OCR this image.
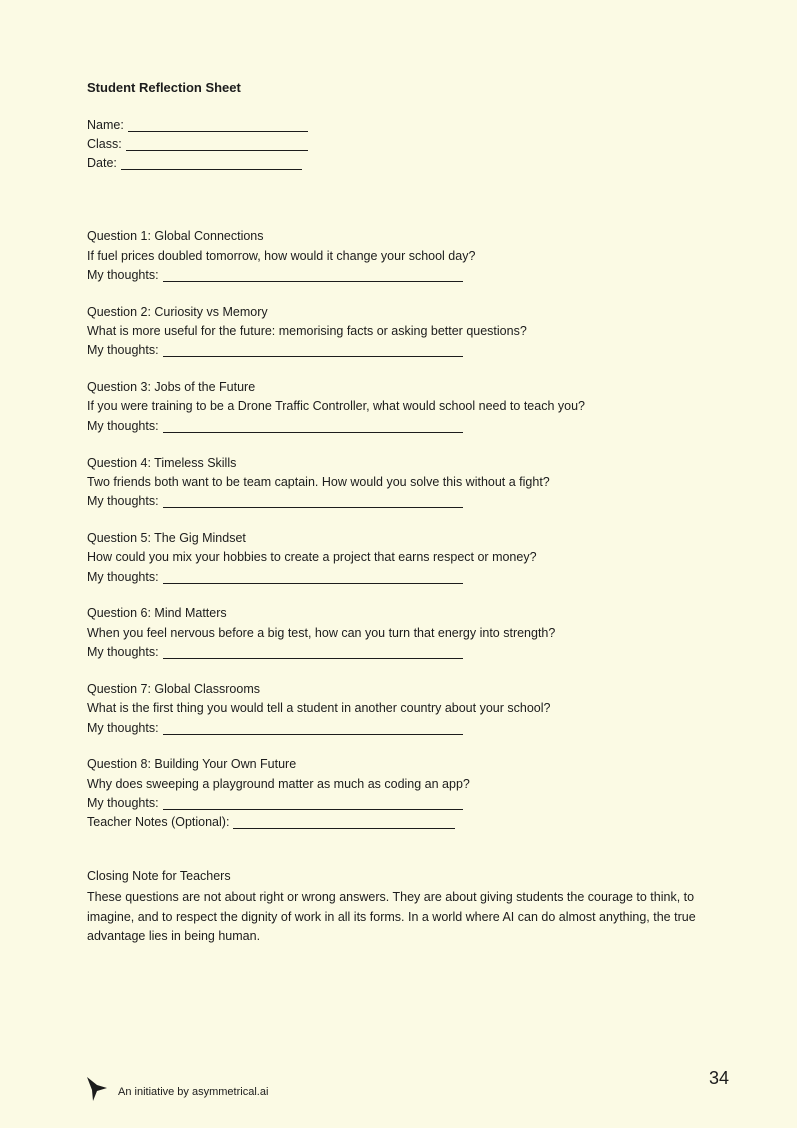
Student Reflection Sheet
Name:
Class:
Date:
Question 1: Global Connections
If fuel prices doubled tomorrow, how would it change your school day?
My thoughts:
Question 2: Curiosity vs Memory
What is more useful for the future: memorising facts or asking better questions?
My thoughts:
Question 3: Jobs of the Future
If you were training to be a Drone Traffic Controller, what would school need to teach you?
My thoughts:
Question 4: Timeless Skills
Two friends both want to be team captain. How would you solve this without a fight?
My thoughts:
Question 5: The Gig Mindset
How could you mix your hobbies to create a project that earns respect or money?
My thoughts:
Question 6: Mind Matters
When you feel nervous before a big test, how can you turn that energy into strength?
My thoughts:
Question 7: Global Classrooms
What is the first thing you would tell a student in another country about your school?
My thoughts:
Question 8: Building Your Own Future
Why does sweeping a playground matter as much as coding an app?
My thoughts:
Teacher Notes (Optional):
Closing Note for Teachers
These questions are not about right or wrong answers. They are about giving students the courage to think, to imagine, and to respect the dignity of work in all its forms. In a world where AI can do almost anything, the true advantage lies in being human.
An initiative by asymmetrical.ai
34
